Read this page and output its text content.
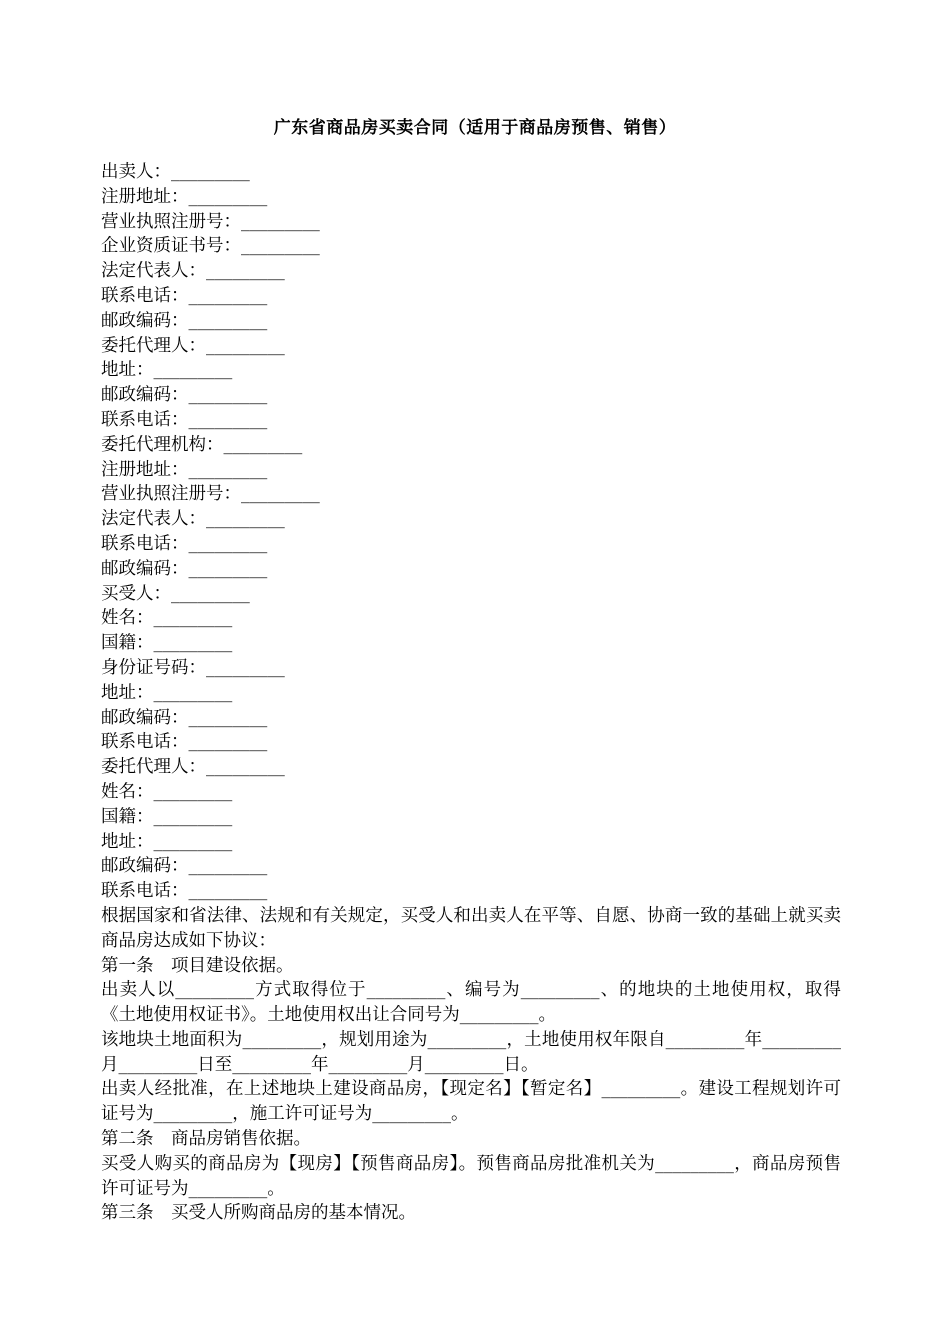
广东省商品房买卖合同（适用于商品房预售、销售）

出卖人：_________

注册地址：_________

营业执照注册号：_________

企业资质证书号：_________

法定代表人：_________

联系电话：_________

邮政编码：_________

委托代理人：_________

地址：_________

邮政编码：_________

联系电话：_________

委托代理机构：_________

注册地址：_________

营业执照注册号：_________

法定代表人：_________

联系电话：_________

邮政编码：_________

买受人：_________

姓名：_________

国籍：_________

身份证号码：_________

地址：_________

邮政编码：_________

联系电话：_________

委托代理人：_________

姓名：_________

国籍：_________

地址：_________

邮政编码：_________

联系电话：_________

根据国家和省法律、法规和有关规定，买受人和出卖人在平等、自愿、协商一致的基础上就买卖商品房达成如下协议：

第一条　项目建设依据。

出卖人以_________方式取得位于_________、编号为_________、的地块的土地使用权，取得《土地使用权证书》。土地使用权出让合同号为_________。

该地块土地面积为_________，规划用途为_________，土地使用权年限自_________年_________月_________日至_________年_________月_________日。

出卖人经批准，在上述地块上建设商品房，【现定名】【暂定名】_________。建设工程规划许可证号为_________，施工许可证号为_________。

第二条　商品房销售依据。

买受人购买的商品房为【现房】【预售商品房】。预售商品房批准机关为_________，商品房预售许可证号为_________。

第三条　买受人所购商品房的基本情况。
